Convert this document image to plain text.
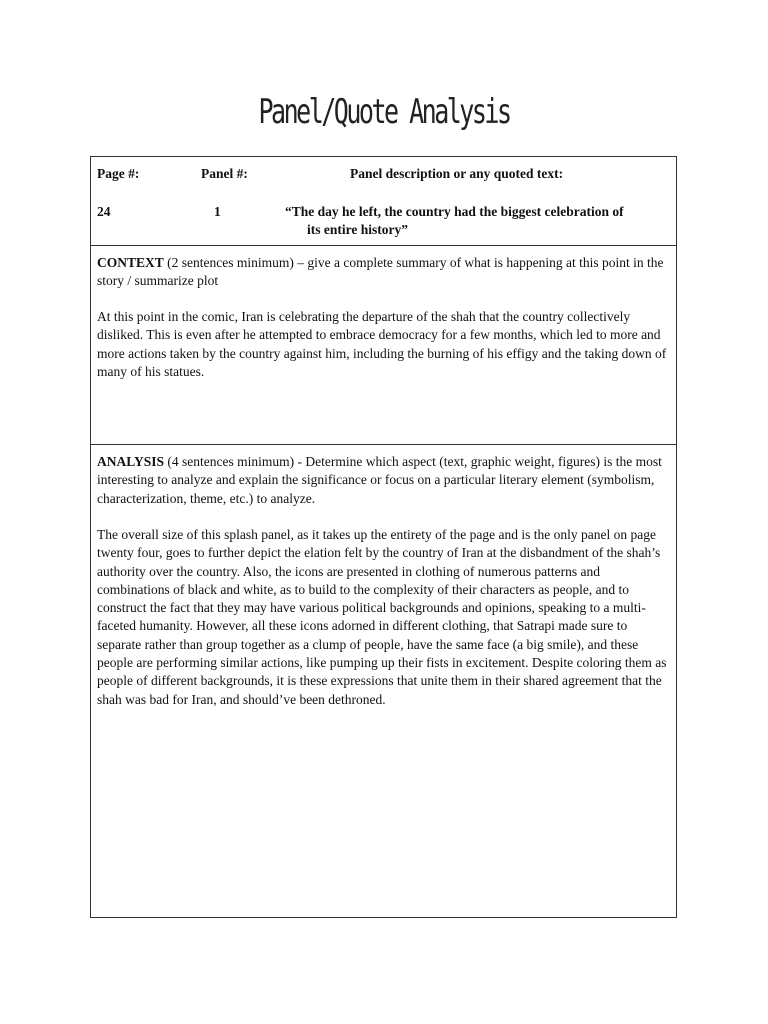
Panel/Quote Analysis
Page #:	Panel #:	Panel description or any quoted text:
24	1	“The day he left, the country had the biggest celebration of
its entire history”

CONTEXT (2 sentences minimum) – give a complete summary of what is happening at this point in the story / summarize plot

At this point in the comic, Iran is celebrating the departure of the shah that the country collectively disliked. This is even after he attempted to embrace democracy for a few months, which led to more and more actions taken by the country against him, including the burning of his effigy and the taking down of many of his statues.

ANALYSIS (4 sentences minimum) - Determine which aspect (text, graphic weight, figures) is the most interesting to analyze and explain the significance or focus on a particular literary element (symbolism, characterization, theme, etc.) to analyze.

The overall size of this splash panel, as it takes up the entirety of the page and is the only panel on page twenty four, goes to further depict the elation felt by the country of Iran at the disbandment of the shah’s authority over the country. Also, the icons are presented in clothing of numerous patterns and combinations of black and white, as to build to the complexity of their characters as people, and to construct the fact that they may have various political backgrounds and opinions, speaking to a multi-faceted humanity. However, all these icons adorned in different clothing, that Satrapi made sure to separate rather than group together as a clump of people, have the same face (a big smile), and these people are performing similar actions, like pumping up their fists in excitement. Despite coloring them as people of different backgrounds, it is these expressions that unite them in their shared agreement that the shah was bad for Iran, and should’ve been dethroned.
